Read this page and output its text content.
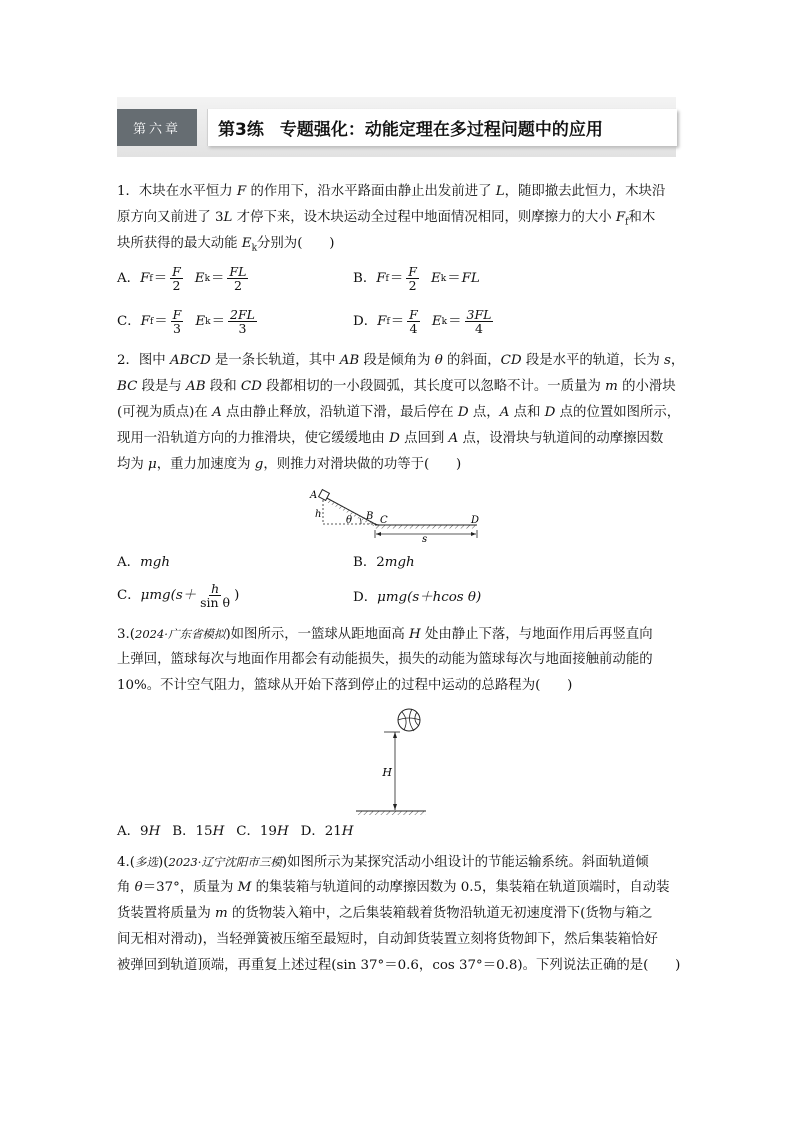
第六章	第3练 专题强化：动能定理在多过程问题中的应用
1．木块在水平恒力 F 的作用下，沿水平路面由静止出发前进了 L，随即撤去此恒力，木块沿
原方向又前进了 3L 才停下来，设木块运动全过程中地面情况相同，则摩擦力的大小 $F_f$和木
块所获得的最大动能 $E_k$分别为(　　)
A． F $f = \frac{F}{2}$ E $k = \frac{FL}{2}$	B． F $f = \frac{F}{2}$ E k ＝ FL
C． F $f = \frac{F}{3}$ E $k = \frac{2FL}{3}$	D． F $f = \frac{F}{4}$ E $k = \frac{3FL}{4}$
2．图中 ABCD 是一条长轨道，其中 AB 段是倾角为 θ 的斜面，CD 段是水平的轨道，长为 s，
BC 段是与 AB 段和 CD 段都相切的一小段圆弧，其长度可以忽略不计。一质量为 m 的小滑块
(可视为质点)在 A 点由静止释放，沿轨道下滑，最后停在 D 点，A 点和 D 点的位置如图所示，
现用一沿轨道方向的力推滑块，使它缓缓地由 D 点回到 A 点，设滑块与轨道间的动摩擦因数
均为 μ，重力加速度为 g，则推力对滑块做的功等于(　　)
A
h
θ B C	D
s
A． mgh	B． 2 mgh
C． μmg ($s+ \frac{h}{\text{sin θ}}$ )	D． μmg (s＋hcos θ)
3.(2024·广东省模拟)如图所示，一篮球从距地面高 H 处由静止下落，与地面作用后再竖直向
上弹回，篮球每次与地面作用都会有动能损失，损失的动能为篮球每次与地面接触前动能的
10%。不计空气阻力，篮球从开始下落到停止的过程中运动的总路程为(　　)
H
A．9H B．15H C．19H D．21H
4.(多选)(2023·辽宁沈阳市三模)如图所示为某探究活动小组设计的节能运输系统。斜面轨道倾
角 θ＝37°，质量为 M 的集装箱与轨道间的动摩擦因数为 0.5，集装箱在轨道顶端时，自动装
货装置将质量为 m 的货物装入箱中，之后集装箱载着货物沿轨道无初速度滑下(货物与箱之
间无相对滑动)，当轻弹簧被压缩至最短时，自动卸货装置立刻将货物卸下，然后集装箱恰好
被弹回到轨道顶端，再重复上述过程(sin 37°＝0.6，cos 37°＝0.8)。下列说法正确的是(　　)
